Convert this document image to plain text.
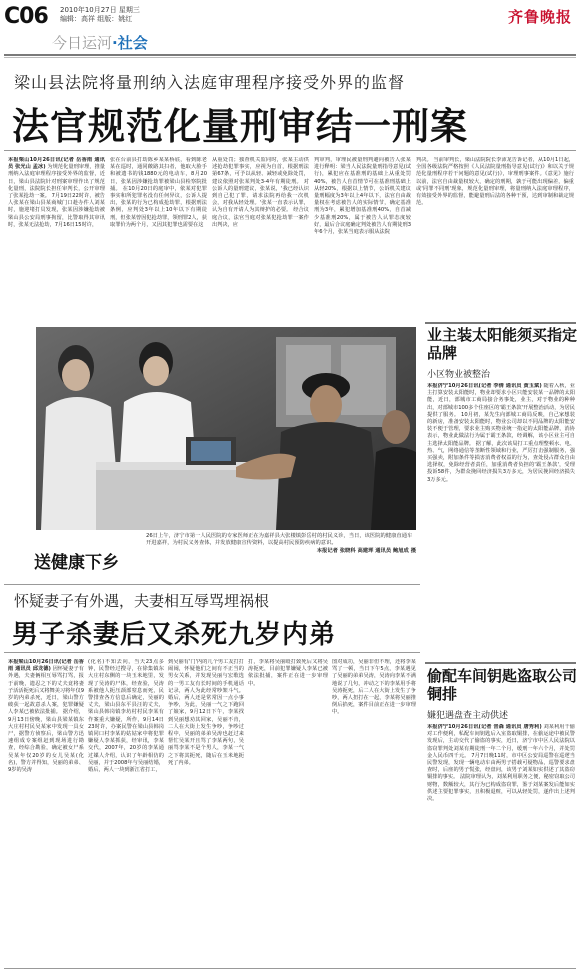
C06 2010年10月27日 星期三
编辑：高祥 组版：姚红
今日运河·社会
齐鲁晚报
梁山县法院将量刑纳入法庭审理程序接受外界的监督
法官规范化量刑审结一刑案
本报梁山10月26日讯(记者 岳香雨 通讯员 张光山 孟冰) 为规范化量刑审理，推量刑纳入法庭审理程序接受外界的监督，近日，梁山县法院针对刑案审理作出了规范化量刑，法院院长担任审判长，公开审理了张某抢劫一案。 7月19日22时许，被告人张某在梁山县某商城门口趁办件人刘某时，施迎堵打员发现，张某因涉嫌抢劫被梁山县公安局刑事拘留，比警取得其审讯时，张某无法抢劫，7月16日15时许，
张在台前县打劫陈乡某某桥底，看到陈老某在巡时，通同敞路其扫者，他取大脸手和被遗书的钱1880元的电动车，8月20日，张某因涉嫌抢劫罪被梁山县检察院批捕。 在10月20日的庭审中，依某对犯罪事实和所犯罪名没有任何异议，公诉人提出，张某的行为已构成抢劫罪，根据刑法条例，应判处3年以上10年以下有期徒刑，但张某曾因犯抢劫罪，领刑罪2人，获取罪价为两个月，又因其犯罪也需要在这
从重处罚；独查机关监同时，张某主动供述抢劫犯罪事实，应视为自首，根据刑法第67条，可予以从轻、减轻或免除处罚，建议依照对张某判处3-4年有期徒刑。 对公诉人的量刑建议，张某说，'我已经认识到自己犯了罪，请求法院再给我一次机会，对我从轻处理。'张某一直表示认罪，认为自有开请人为其辩护的必要。 经合议庭合议，法官当庭对张某犯抢劫罪一案作出判决，应
判审判，审理民被量刑判避向被告人张某进行释明：梁当人民法院量刑指导意见(试行)，累犯应在基准刑的基础上从重处罚40%，被告人自首情节可在基准刑基础上从轻20%，根据以上情节，公诉机关建议量刑幅度为3年以上4年以下，法官自由裁量权在考虑被告人的实际情节，确定基准刑为3年，累犯增加基准刑40%，自首减少基准刑20%，属于被告人认罪态度较好，最后合议庭确定判处被告人有期徒刑3年6个月，张某当庭表示服从法院
判决。 当前审判长，梁山法院院长李沛龙告诉记者，从10月1日起，全国各级法院严格按照《人民法院量刑指导意见(试行)》和以关于规范化量刑程序若干问题的意见(试行)》，审理刑事案件。《意见》施行以前，法官自由裁量权较大，确定的刑期，孰于可能出现偏差，偏重或'同罪不同刑'现象，规范化量刑审理，将量刑纳入法庭审理程序，有效接受外界的监督，能避量刑后法的各种干预，达到审制和裁定规范。
送健康下乡
26日上午，济宁市第一人民医院的专家医师正在为嘉祥县大张楼镇彭岳村的村民义诊，当日，该医院的健康直通车开进嘉祥，为村民义务查体，并发放健康宣传资料，以提高村民预防疾病的意识。
本报记者 张晓科 高建珲 通讯员 鲍旭成 摄
业主装太阳能须买指定品牌
小区物业被整治
本报济宁10月26日讯(记者 李倩 通讯员 黄玉斌) 随着入秋，业主打算安装太阳能时，物业却要求小区只能安装某一品牌的太阳能，近日，部城市工商局接合务事处，业主，对于物业的种种出，对部城市100多个住座区的'霸王条款'开展整治活动，为居民提供了服务。 10月初，某先生向部城工商局反映，自己家想装的新房，准备安装太阳能时，物业公司却以不同品牌的太阳能安装不便于管理，要求业主购买物业统一指定的太阳能品牌，消协表示，物业此做法行为属于霸王条款，经调解，该小区业主可自主选择太阳能品牌。 据了解，此次该局打工重点理整顿水、电、热、气，网络通信等垄断性领域和行业，严厉打击强制服务，强买强卖，附加条件等损害消费者权益的行为，查处侵占群众自由选择权，免除经营者责任，加重消费者负担的'霸王条款'，受理投诉58件，为群众挽回经济损失3万多元，为居民挽回经济损失3万多元。
偷配车间钥匙盗取公司铜排
嫌犯遇盘查主动供述
本报济宁10月26日讯(记者 晋森 通讯员 唐秀利) 刘某利用干偷对工作便利，私配车间钥匙后入室盗取铜排，在偷运途中被民警发现后，主动交代了偷盗的事实，近日，济宁市中区人民法院以盗窃罪判处刘某有期徒刑一年二个月，缓刑一年六个月，并处罚金人民币四千元。 7月7日晚11时，市中区公安局巡警在巡逻当民警发现，发现一辆电动车由两男子搭载可疑物品，巡警要求盘查时，后座的男子慌张，经盘问，该男子刘某如实供述了其盗窃铜排的事实。 法院审理认为，刘某利用职务之便，秘密窃取公司财物，数额较大，其行为已构成盗窃罪，鉴于刘某案发后能如实供述主要犯罪事实，且积极退赃，可以从轻处罚，遂作出上述判决。
怀疑妻子有外遇，夫妻相互辱骂埋祸根
男子杀妻后又杀死九岁内弟
本报梁山10月26日讯(记者 岳香雨 通讯员 邱龙德) 因怀疑妻子有外遇，夫妻俩相互辱骂打骂，报于前晚，遗忍之下的丈夫竟将妻子活活扼死后又将舞美习将年仅9岁的内弟杀死，近日，梁山警方破获一起故意杀人案，犯罪嫌疑人李某已被依法批捕。 据介绍，9月13日傍晚，梁山县梁某镇东大庄村村民吴某家中发现一具女尸，据警方侦察后，梁山警方迅速组成专案组赶到现场进行勘查，经综合勘验，确定被女尸系吴某年仅20岁的女儿吴某(化名)，警方并得知，吴丽的弟弟、9岁的吴涛
(化名)不知去向，当天23点多钟，民警经过搜寻，在徐集镇东大庄村东侧的一块玉米地里，发现了吴涛的尸体，经查验，吴涛系被他人扼压颈部窒息而死，民警排查各方信息后确定，吴丽的丈夫，梁山县东平县汪的丈夫，梁山县韩岗镇李坊村村民李某有作案重大嫌疑，所作，9月14日23时许，办案民警在梁山县韩岗镇同口村李某的姑姑家中将犯罪嫌疑人李某抓获，经审讯，李某交代，2007年，20岁的李某通过媒人介绍，认识了年龄相仿的吴丽，并于2008年与吴丽结婚，婚后，两人一块到浙江省打工，
到吴丽有'门'内的几个男工友打打闹闹，怀疑他们之间有不正当的男女关系，并发现吴丽与宏歌选的一男工友有长时间的手机通话记录，两人为此经常吵架斗气。 婚后，两人还是常常因一点小事争吵，为此，吴丽一气之下跑回了娘家，9月12日下午，李某找到吴丽想劝其回家，吴丽不肯，二人在大街上发生争吵，争吵过程中，吴丽的弟弟吴涛也赶过来帮忙吴某开且骂了李某两句，吴丽骂李某不是个男人，李某一气之下将其扼死，随后在玉米地扼死了内弟。
打，李某将吴丽殴打致死后又将吴涛扼死，目前犯罪嫌疑人李某已被依法批捕，案件正在进一步审理中。
图对成功，吴丽非但不理，还将李某骂了一顿，当日下午5点，李某遇见了吴丽的弟弟吴涛，吴涛向李某不满地说了几句，冲动之下的李某用手将吴涛扼死，后二人在大街上发生了争吵，两人扭打在一起，李某将吴丽推倒后掐死，案件目前正在进一步审理中。
